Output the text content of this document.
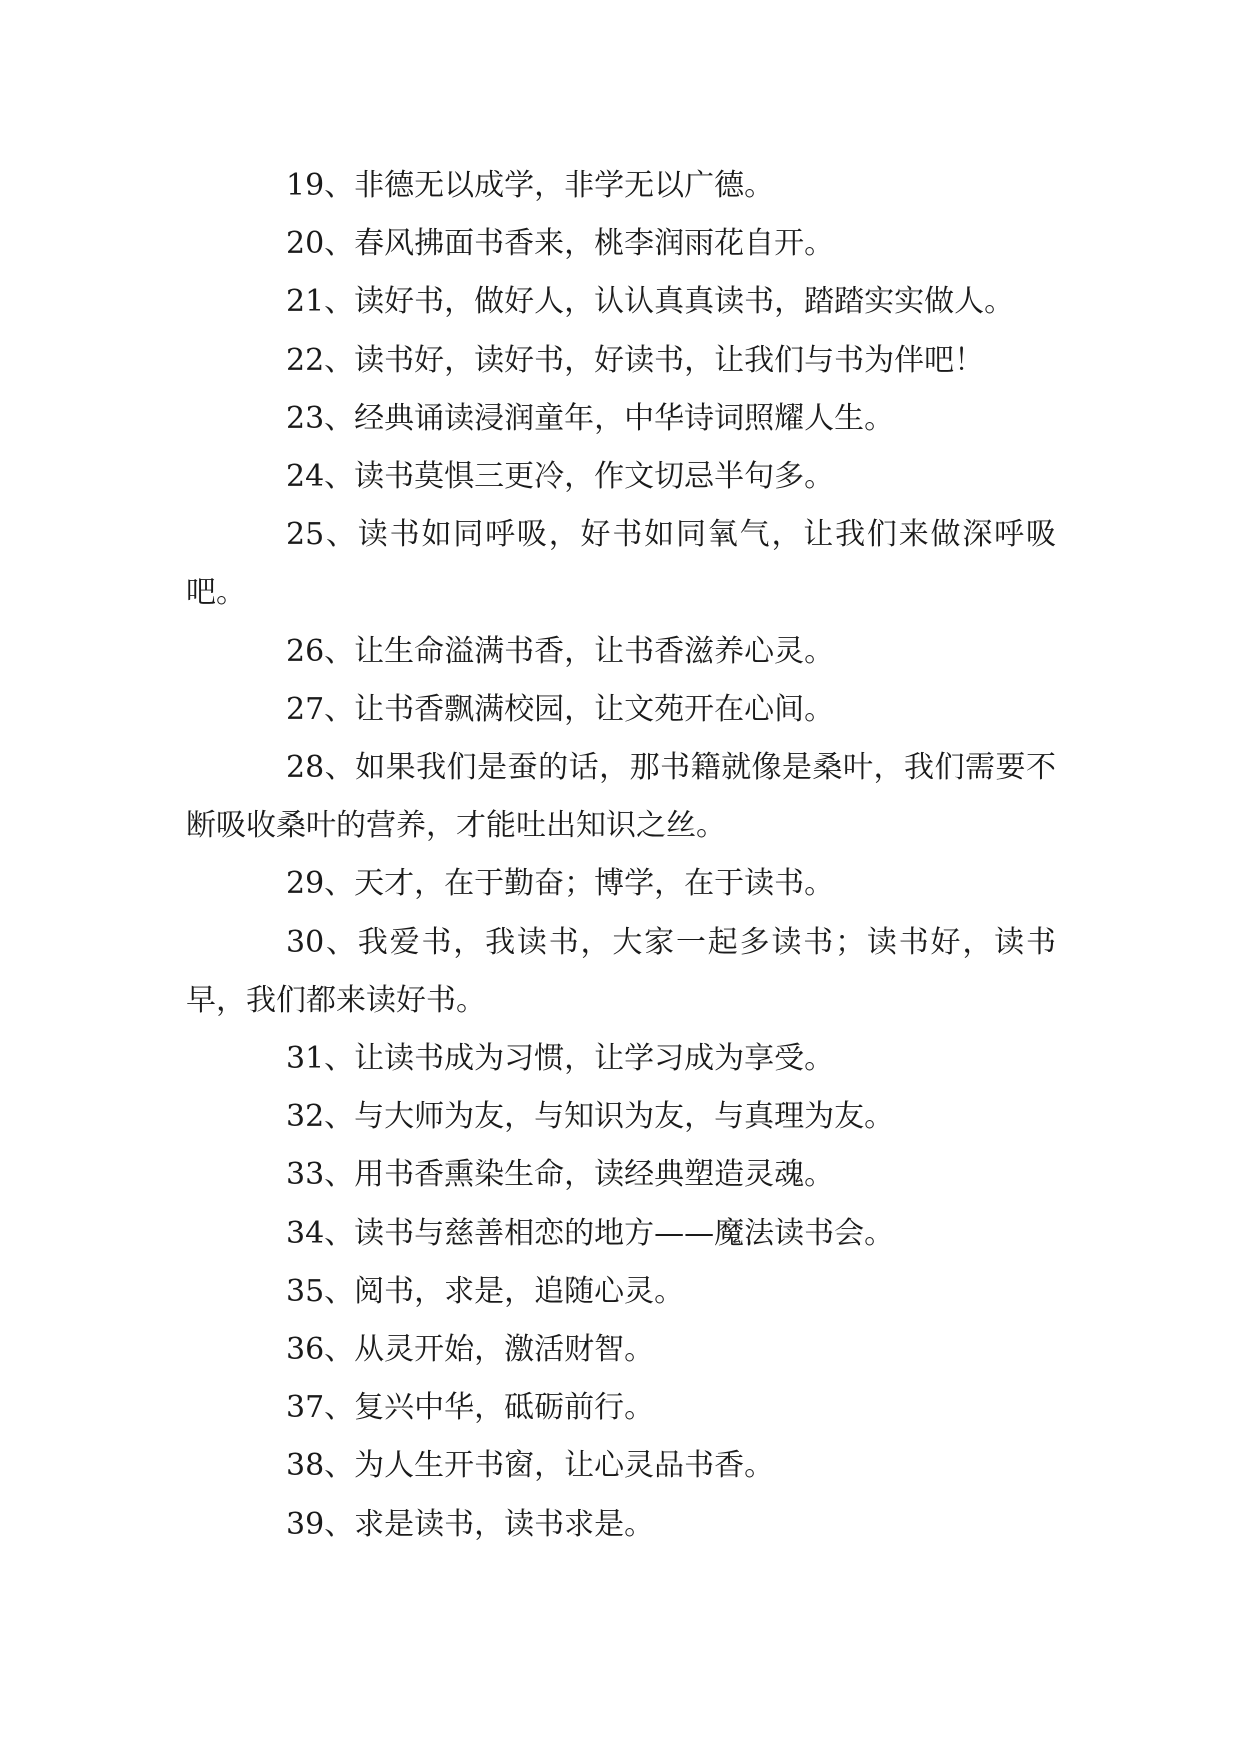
19、非德无以成学，非学无以广德。

20、春风拂面书香来，桃李润雨花自开。

21、读好书，做好人，认认真真读书，踏踏实实做人。

22、读书好，读好书，好读书，让我们与书为伴吧！

23、经典诵读浸润童年，中华诗词照耀人生。

24、读书莫惧三更冷，作文切忌半句多。

25、读书如同呼吸，好书如同氧气，让我们来做深呼吸吧。

26、让生命溢满书香，让书香滋养心灵。

27、让书香飘满校园，让文苑开在心间。

28、如果我们是蚕的话，那书籍就像是桑叶，我们需要不断吸收桑叶的营养，才能吐出知识之丝。

29、天才，在于勤奋；博学，在于读书。

30、我爱书，我读书，大家一起多读书；读书好，读书早，我们都来读好书。

31、让读书成为习惯，让学习成为享受。

32、与大师为友，与知识为友，与真理为友。

33、用书香熏染生命，读经典塑造灵魂。

34、读书与慈善相恋的地方——魔法读书会。

35、阅书，求是，追随心灵。

36、从灵开始，激活财智。

37、复兴中华，砥砺前行。

38、为人生开书窗，让心灵品书香。

39、求是读书，读书求是。
